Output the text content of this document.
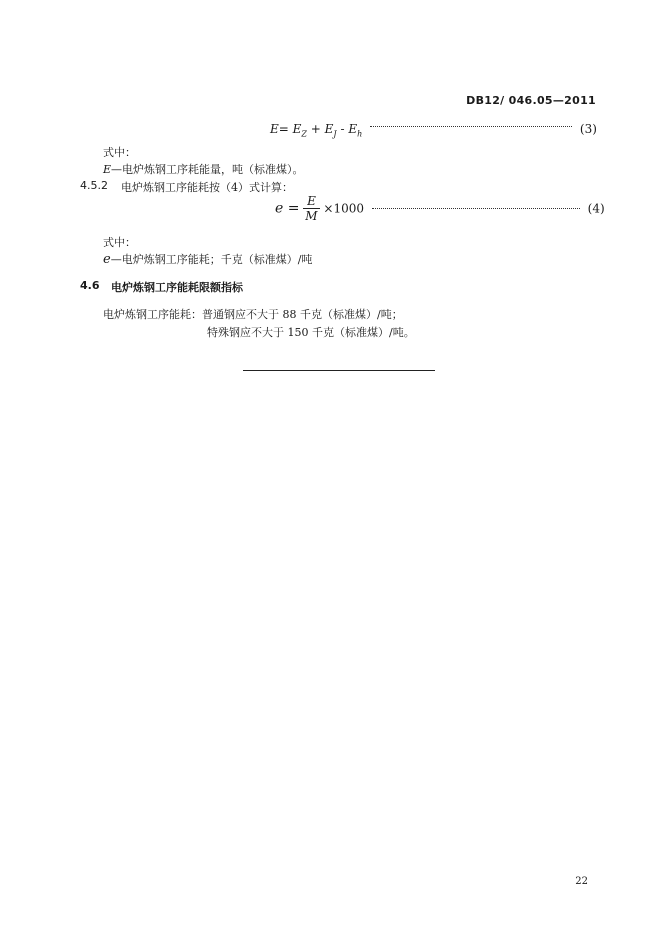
DB12/ 046.05—2011
$E= E_Z + E_J - E_h$	(3)
式中：
E—电炉炼钢工序耗能量，吨（标准煤）。
4.5.2 电炉炼钢工序能耗按（4）式计算：
$e = \frac{E}{M} \times 1000$	(4)
式中：
e—电炉炼钢工序能耗；千克（标准煤）/吨
4.6 电炉炼钢工序能耗限额指标
电炉炼钢工序能耗：普通钢应不大于 88 千克（标准煤）/吨；
特殊钢应不大于 150 千克（标准煤）/吨。
22
